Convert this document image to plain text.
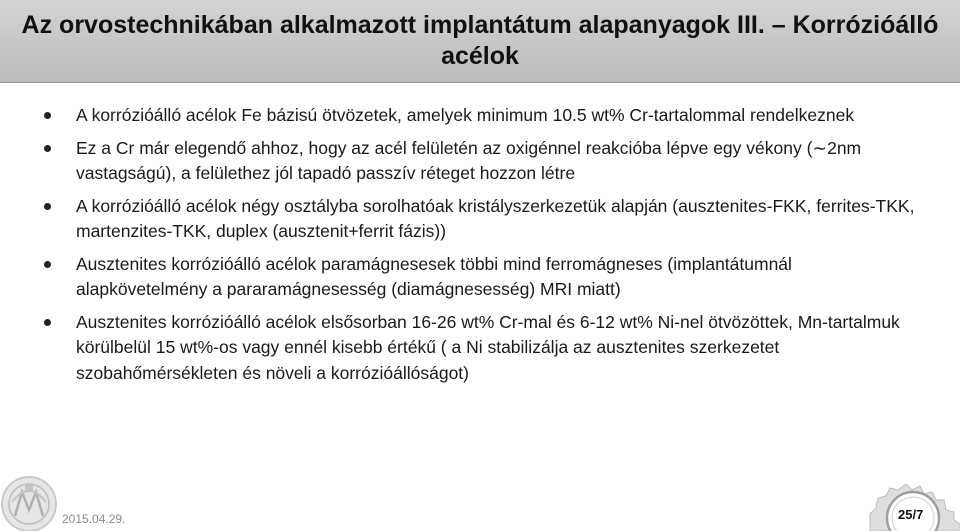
Az orvostechnikában alkalmazott implantátum alapanyagok III. – Korrózióálló acélok
A korrózióálló acélok Fe bázisú ötvözetek, amelyek minimum 10.5 wt% Cr-tartalommal rendelkeznek
Ez a Cr már elegendő ahhoz, hogy az acél felületén az oxigénnel reakcióba lépve egy vékony (∼2nm vastagságú), a felülethez jól tapadó passzív réteget hozzon létre
A korrózióálló acélok négy osztályba sorolhatóak kristályszerkezetük alapján (ausztenites-FKK, ferrites-TKK, martenzites-TKK, duplex (ausztenit+ferrit fázis))
Ausztenites korrózióálló acélok paramágnesesek többi mind ferromágneses (implantátumnál alapkövetelmény a pararamágnesesség (diamágnesesség) MRI miatt)
Ausztenites korrózióálló acélok elsősorban 16-26 wt% Cr-mal és 6-12 wt% Ni-nel ötvözöttek, Mn-tartalmuk körülbelül 15 wt%-os vagy ennél kisebb értékű ( a Ni stabilizálja az ausztenites szerkezetet szobahőmérsékleten és növeli a korrózióállóságot)
2015.04.29.	25/7
